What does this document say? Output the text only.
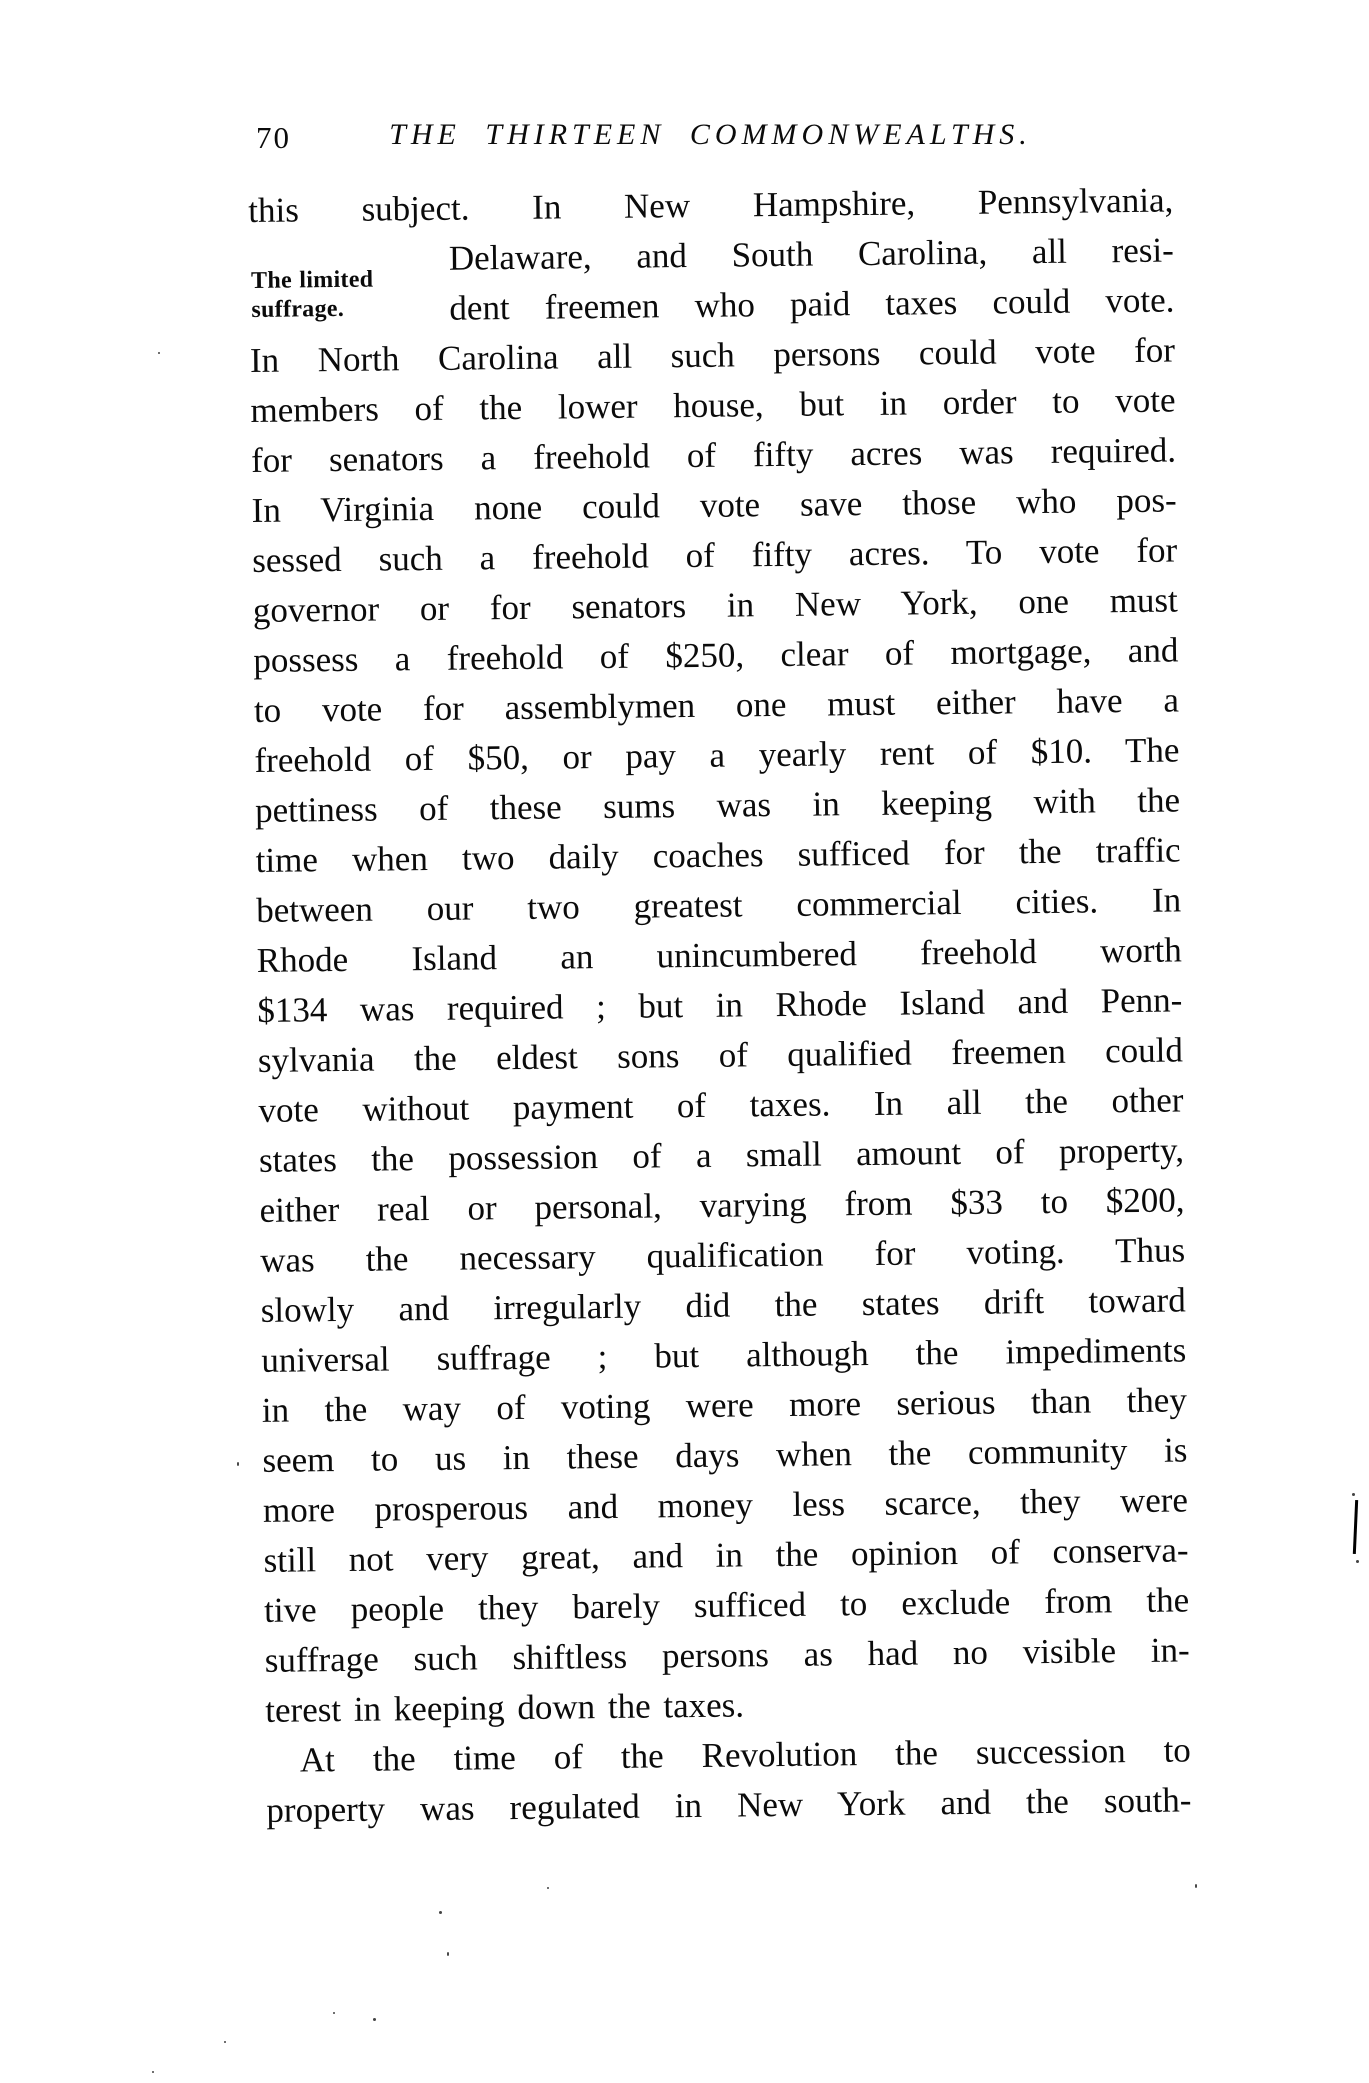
70	THE THIRTEEN COMMONWEALTHS.
The limited
suffrage.
this subject. In New Hampshire, Pennsylvania,
Delaware, and South Carolina, all resi-
dent freemen who paid taxes could vote.
In North Carolina all such persons could vote for
members of the lower house, but in order to vote
for senators a freehold of fifty acres was required.
In Virginia none could vote save those who pos-
sessed such a freehold of fifty acres. To vote for
governor or for senators in New York, one must
possess a freehold of $250, clear of mortgage, and
to vote for assemblymen one must either have a
freehold of $50, or pay a yearly rent of $10. The
pettiness of these sums was in keeping with the
time when two daily coaches sufficed for the traffic
between our two greatest commercial cities. In
Rhode Island an unincumbered freehold worth
$134 was required ; but in Rhode Island and Penn-
sylvania the eldest sons of qualified freemen could
vote without payment of taxes. In all the other
states the possession of a small amount of property,
either real or personal, varying from $33 to $200,
was the necessary qualification for voting. Thus
slowly and irregularly did the states drift toward
universal suffrage ; but although the impediments
in the way of voting were more serious than they
seem to us in these days when the community is
more prosperous and money less scarce, they were
still not very great, and in the opinion of conserva-
tive people they barely sufficed to exclude from the
suffrage such shiftless persons as had no visible in-
terest in keeping down the taxes.
At the time of the Revolution the succession to
property was regulated in New York and the south-
